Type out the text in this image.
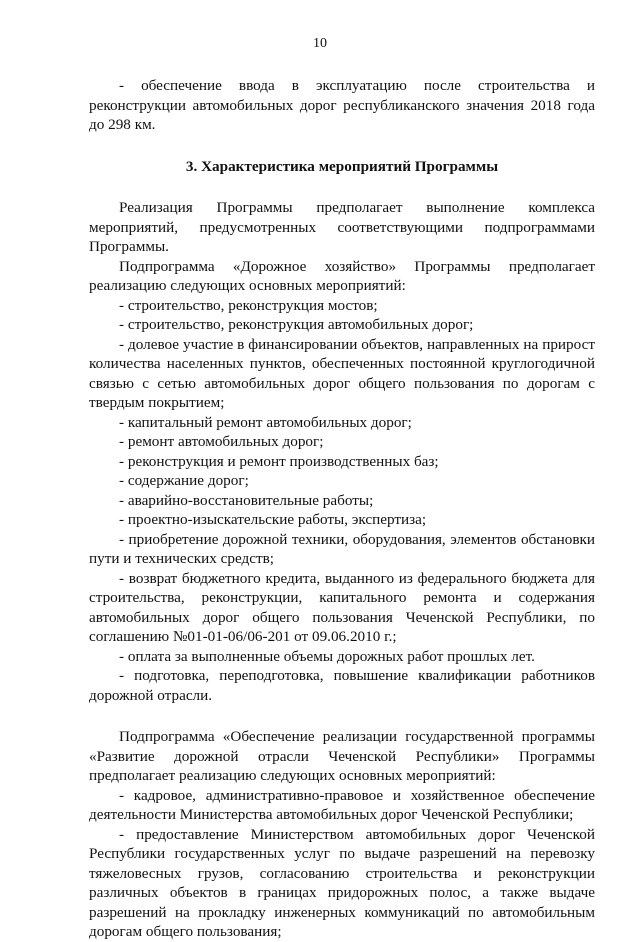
10

- обеспечение ввода в эксплуатацию после строительства и реконструкции автомобильных дорог республиканского значения 2018 года до 298 км.

3. Характеристика мероприятий Программы

Реализация Программы предполагает выполнение комплекса мероприятий, предусмотренных соответствующими подпрограммами Программы.

Подпрограмма «Дорожное хозяйство» Программы предполагает реализацию следующих основных мероприятий:

- строительство, реконструкция мостов;

- строительство, реконструкция автомобильных дорог;

- долевое участие в финансировании объектов, направленных на прирост количества населенных пунктов, обеспеченных постоянной круглогодичной связью с сетью автомобильных дорог общего пользования по дорогам с твердым покрытием;

- капитальный ремонт автомобильных дорог;

- ремонт автомобильных дорог;

- реконструкция и ремонт производственных баз;

- содержание дорог;

- аварийно-восстановительные работы;

- проектно-изыскательские работы, экспертиза;

- приобретение дорожной техники, оборудования, элементов обстановки пути и технических средств;

- возврат бюджетного кредита, выданного из федерального бюджета для строительства, реконструкции, капитального ремонта и содержания автомобильных дорог общего пользования Чеченской Республики, по соглашению №01-01-06/06-201 от 09.06.2010 г.;

- оплата за выполненные объемы дорожных работ прошлых лет.

- подготовка, переподготовка, повышение квалификации работников дорожной отрасли.

Подпрограмма «Обеспечение реализации государственной программы «Развитие дорожной отрасли Чеченской Республики» Программы предполагает реализацию следующих основных мероприятий:

- кадровое, административно-правовое и хозяйственное обеспечение деятельности Министерства автомобильных дорог Чеченской Республики;

- предоставление Министерством автомобильных дорог Чеченской Республики государственных услуг по выдаче разрешений на перевозку тяжеловесных грузов, согласованию строительства и реконструкции различных объектов в границах придорожных полос, а также выдаче разрешений на прокладку инженерных коммуникаций по автомобильным дорогам общего пользования;
